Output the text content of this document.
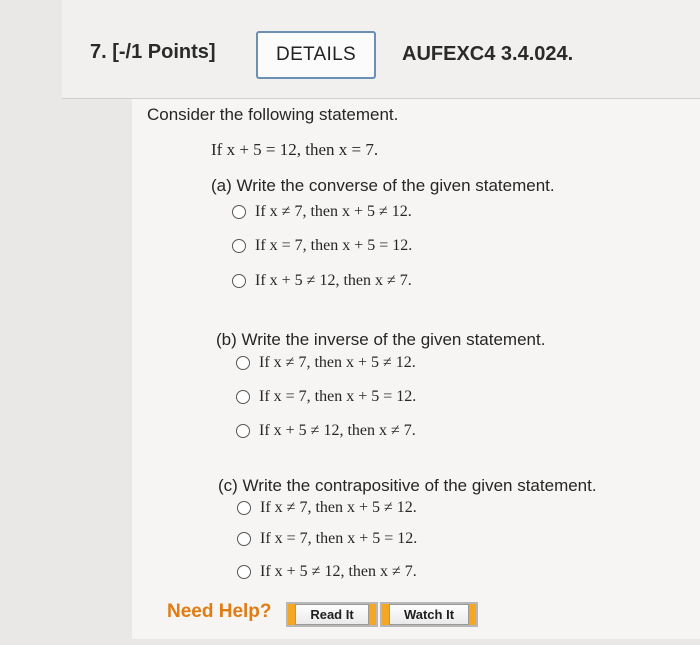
7. [-/1 Points]	DETAILS	AUFEXC4 3.4.024.
Consider the following statement.
If x + 5 = 12, then x = 7.
(a) Write the converse of the given statement.
If x ≠ 7, then x + 5 ≠ 12.
If x = 7, then x + 5 = 12.
If x + 5 ≠ 12, then x ≠ 7.
(b) Write the inverse of the given statement.
If x ≠ 7, then x + 5 ≠ 12.
If x = 7, then x + 5 = 12.
If x + 5 ≠ 12, then x ≠ 7.
(c) Write the contrapositive of the given statement.
If x ≠ 7, then x + 5 ≠ 12.
If x = 7, then x + 5 = 12.
If x + 5 ≠ 12, then x ≠ 7.
Need Help?	Read It	Watch It
